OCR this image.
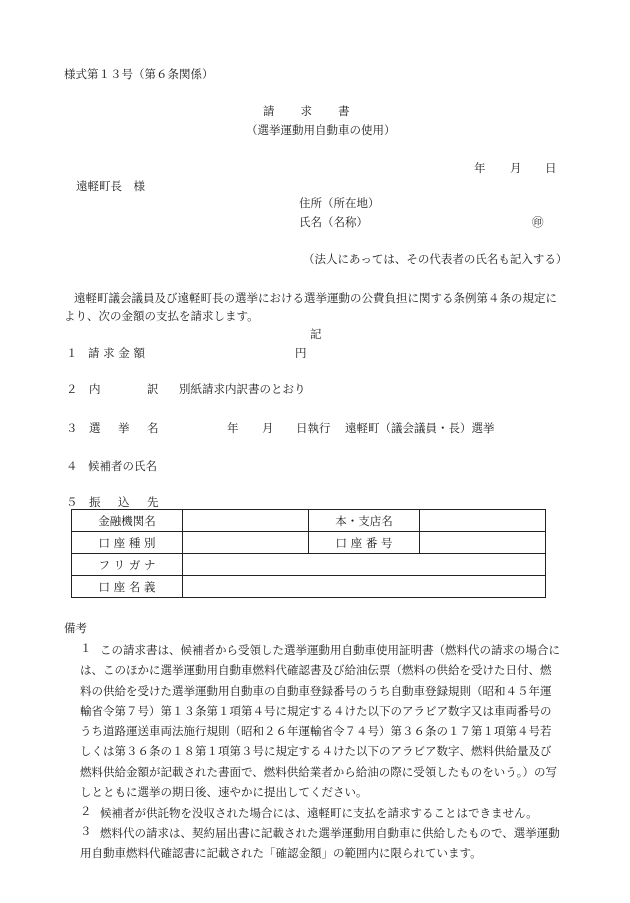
様式第１３号（第６条関係）
請　　求　　書
（選挙運動用自動車の使用）
年 月 日
遠軽町長　様
住所（所在地）
氏名（名称）	㊞
（法人にあっては、その代表者の氏名も記入する）
遠軽町議会議員及び遠軽町長の選挙における選挙運動の公費負担に関する条例第４条の規定に
より、次の金額の支払を請求します。
記
１ 請 求 金 額	円
２ 内	訳 別紙請求内訳書のとおり
３ 選 挙 名	年 月 日執行 遠軽町（議会議員・長）選挙
４ 候補者の氏名
５ 振 込 先
金融機関名		本・支店名	
口 座 種 別		口 座 番 号	
フ リ ガ ナ			
口 座 名 義			
備考
１ この請求書は、候補者から受領した選挙運動用自動車使用証明書（燃料代の請求の場合に
は、このほかに選挙運動用自動車燃料代確認書及び給油伝票（燃料の供給を受けた日付、燃
料の供給を受けた選挙運動用自動車の自動車登録番号のうち自動車登録規則（昭和４５年運
輸省令第７号）第１３条第１項第４号に規定する４けた以下のアラビア数字又は車両番号の
うち道路運送車両法施行規則（昭和２６年運輸省令７４号）第３６条の１７第１項第４号若
しくは第３６条の１８第１項第３号に規定する４けた以下のアラビア数字、燃料供給量及び
燃料供給金額が記載された書面で、燃料供給業者から給油の際に受領したものをいう。）の写
しとともに選挙の期日後、速やかに提出してください。
２ 候補者が供託物を没収された場合には、遠軽町に支払を請求することはできません。
３ 燃料代の請求は、契約届出書に記載された選挙運動用自動車に供給したもので、選挙運動
用自動車燃料代確認書に記載された「確認金額」の範囲内に限られています。
